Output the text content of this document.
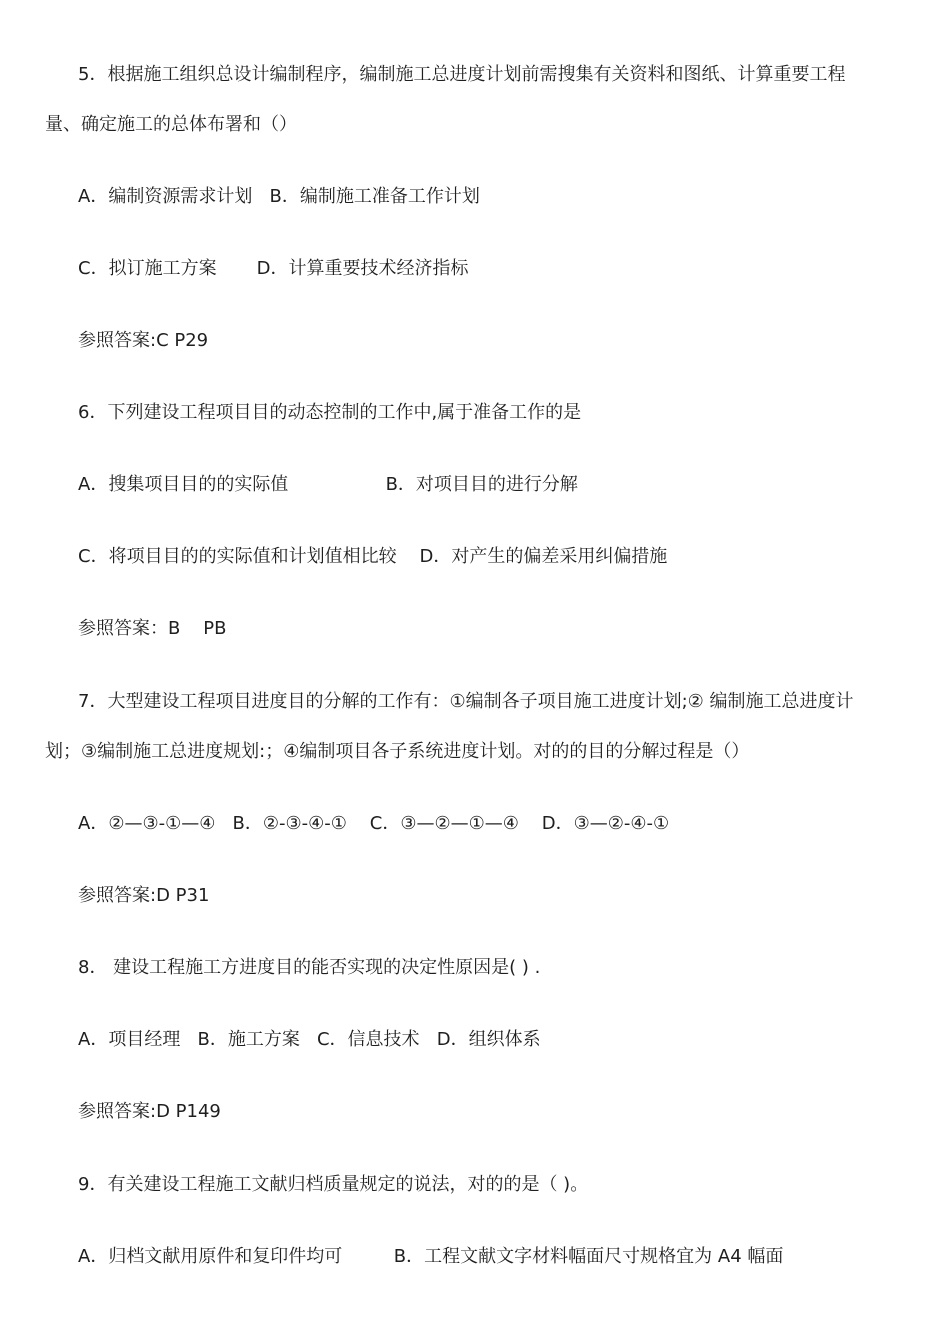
5．根据施工组织总设计编制程序，编制施工总进度计划前需搜集有关资料和图纸、计算重要工程
量、确定施工的总体布署和（）
A．编制资源需求计划   B．编制施工准备工作计划
C．拟订施工方案       D．计算重要技术经济指标
参照答案:C P29
6．下列建设工程项目目的动态控制的工作中,属于准备工作的是
A．搜集项目目的的实际值                 B．对项目目的进行分解
C．将项目目的的实际值和计划值相比较    D．对产生的偏差采用纠偏措施
参照答案：B    PB
7．大型建设工程项目进度目的分解的工作有：①编制各子项目施工进度计划;② 编制施工总进度计
划；③编制施工总进度规划:；④编制项目各子系统进度计划。对的的目的分解过程是（）
A．②—③-①—④   B．②-③-④-①    C．③—②—①—④    D．③—②-④-①
参照答案:D P31
8． 建设工程施工方进度目的能否实现的决定性原因是( ) .
A．项目经理   B．施工方案   C．信息技术   D．组织体系
参照答案:D P149
9．有关建设工程施工文献归档质量规定的说法，对的的是（ )。
A．归档文献用原件和复印件均可         B．工程文献文字材料幅面尺寸规格宜为 A4 幅面
